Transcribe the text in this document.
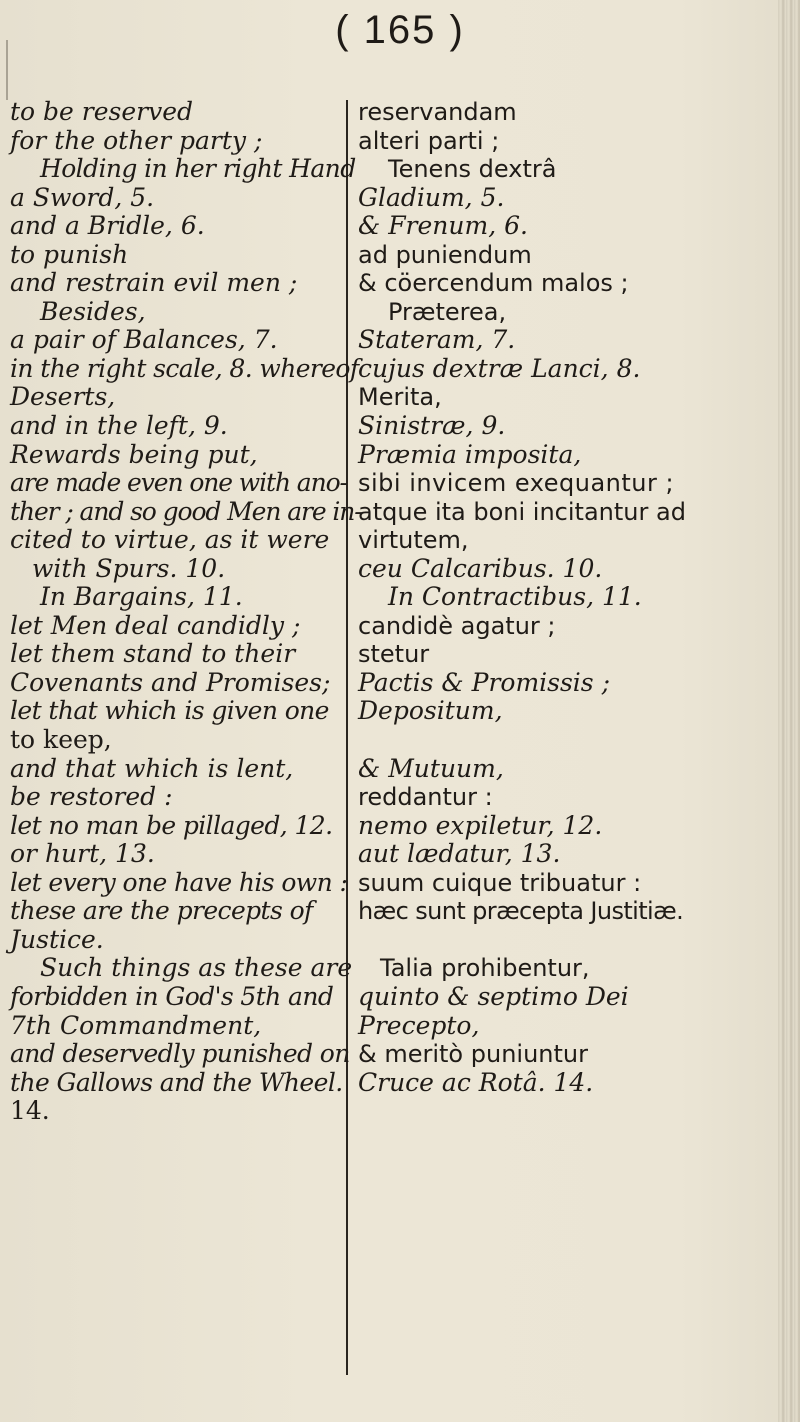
( 165 )
to be reserved
for the other party ;
Holding in her right Hand
a Sword, 5.
and a Bridle, 6.
to punish
and restrain evil men ;
Besides,
a pair of Balances, 7.
in the right scale, 8. whereof
Deserts,
and in the left, 9.
Rewards being put,
are made even one with ano-
ther ; and so good Men are in-
cited to virtue, as it were
with Spurs. 10.
In Bargains, 11.
let Men deal candidly ;
let them stand to their
Covenants and Promises;
let that which is given one
to keep,
and that which is lent,
be restored :
let no man be pillaged, 12.
or hurt, 13.
let every one have his own :
these are the precepts of
Justice.
Such things as these are
forbidden in God's 5th and
7th Commandment,
and deservedly punished on
the Gallows and the Wheel.
14.
reservandam
alteri parti ;
Tenens dextrâ
Gladium, 5.
& Frenum, 6.
ad puniendum
& cöercendum malos ;
Præterea,
Stateram, 7.
cujus dextræ Lanci, 8.
Merita,
Sinistræ, 9.
Præmia imposita,
sibi invicem exequantur ;
atque ita boni incitantur ad
virtutem,
ceu Calcaribus. 10.
In Contractibus, 11.
candidè agatur ;
stetur
Pactis & Promissis ;
Depositum,
& Mutuum,
reddantur :
nemo expiletur, 12.
aut lædatur, 13.
suum cuique tribuatur :
hæc sunt præcepta Justitiæ.
Talia prohibentur,
quinto & septimo Dei
Precepto,
& meritò puniuntur
Cruce ac Rotâ. 14.
